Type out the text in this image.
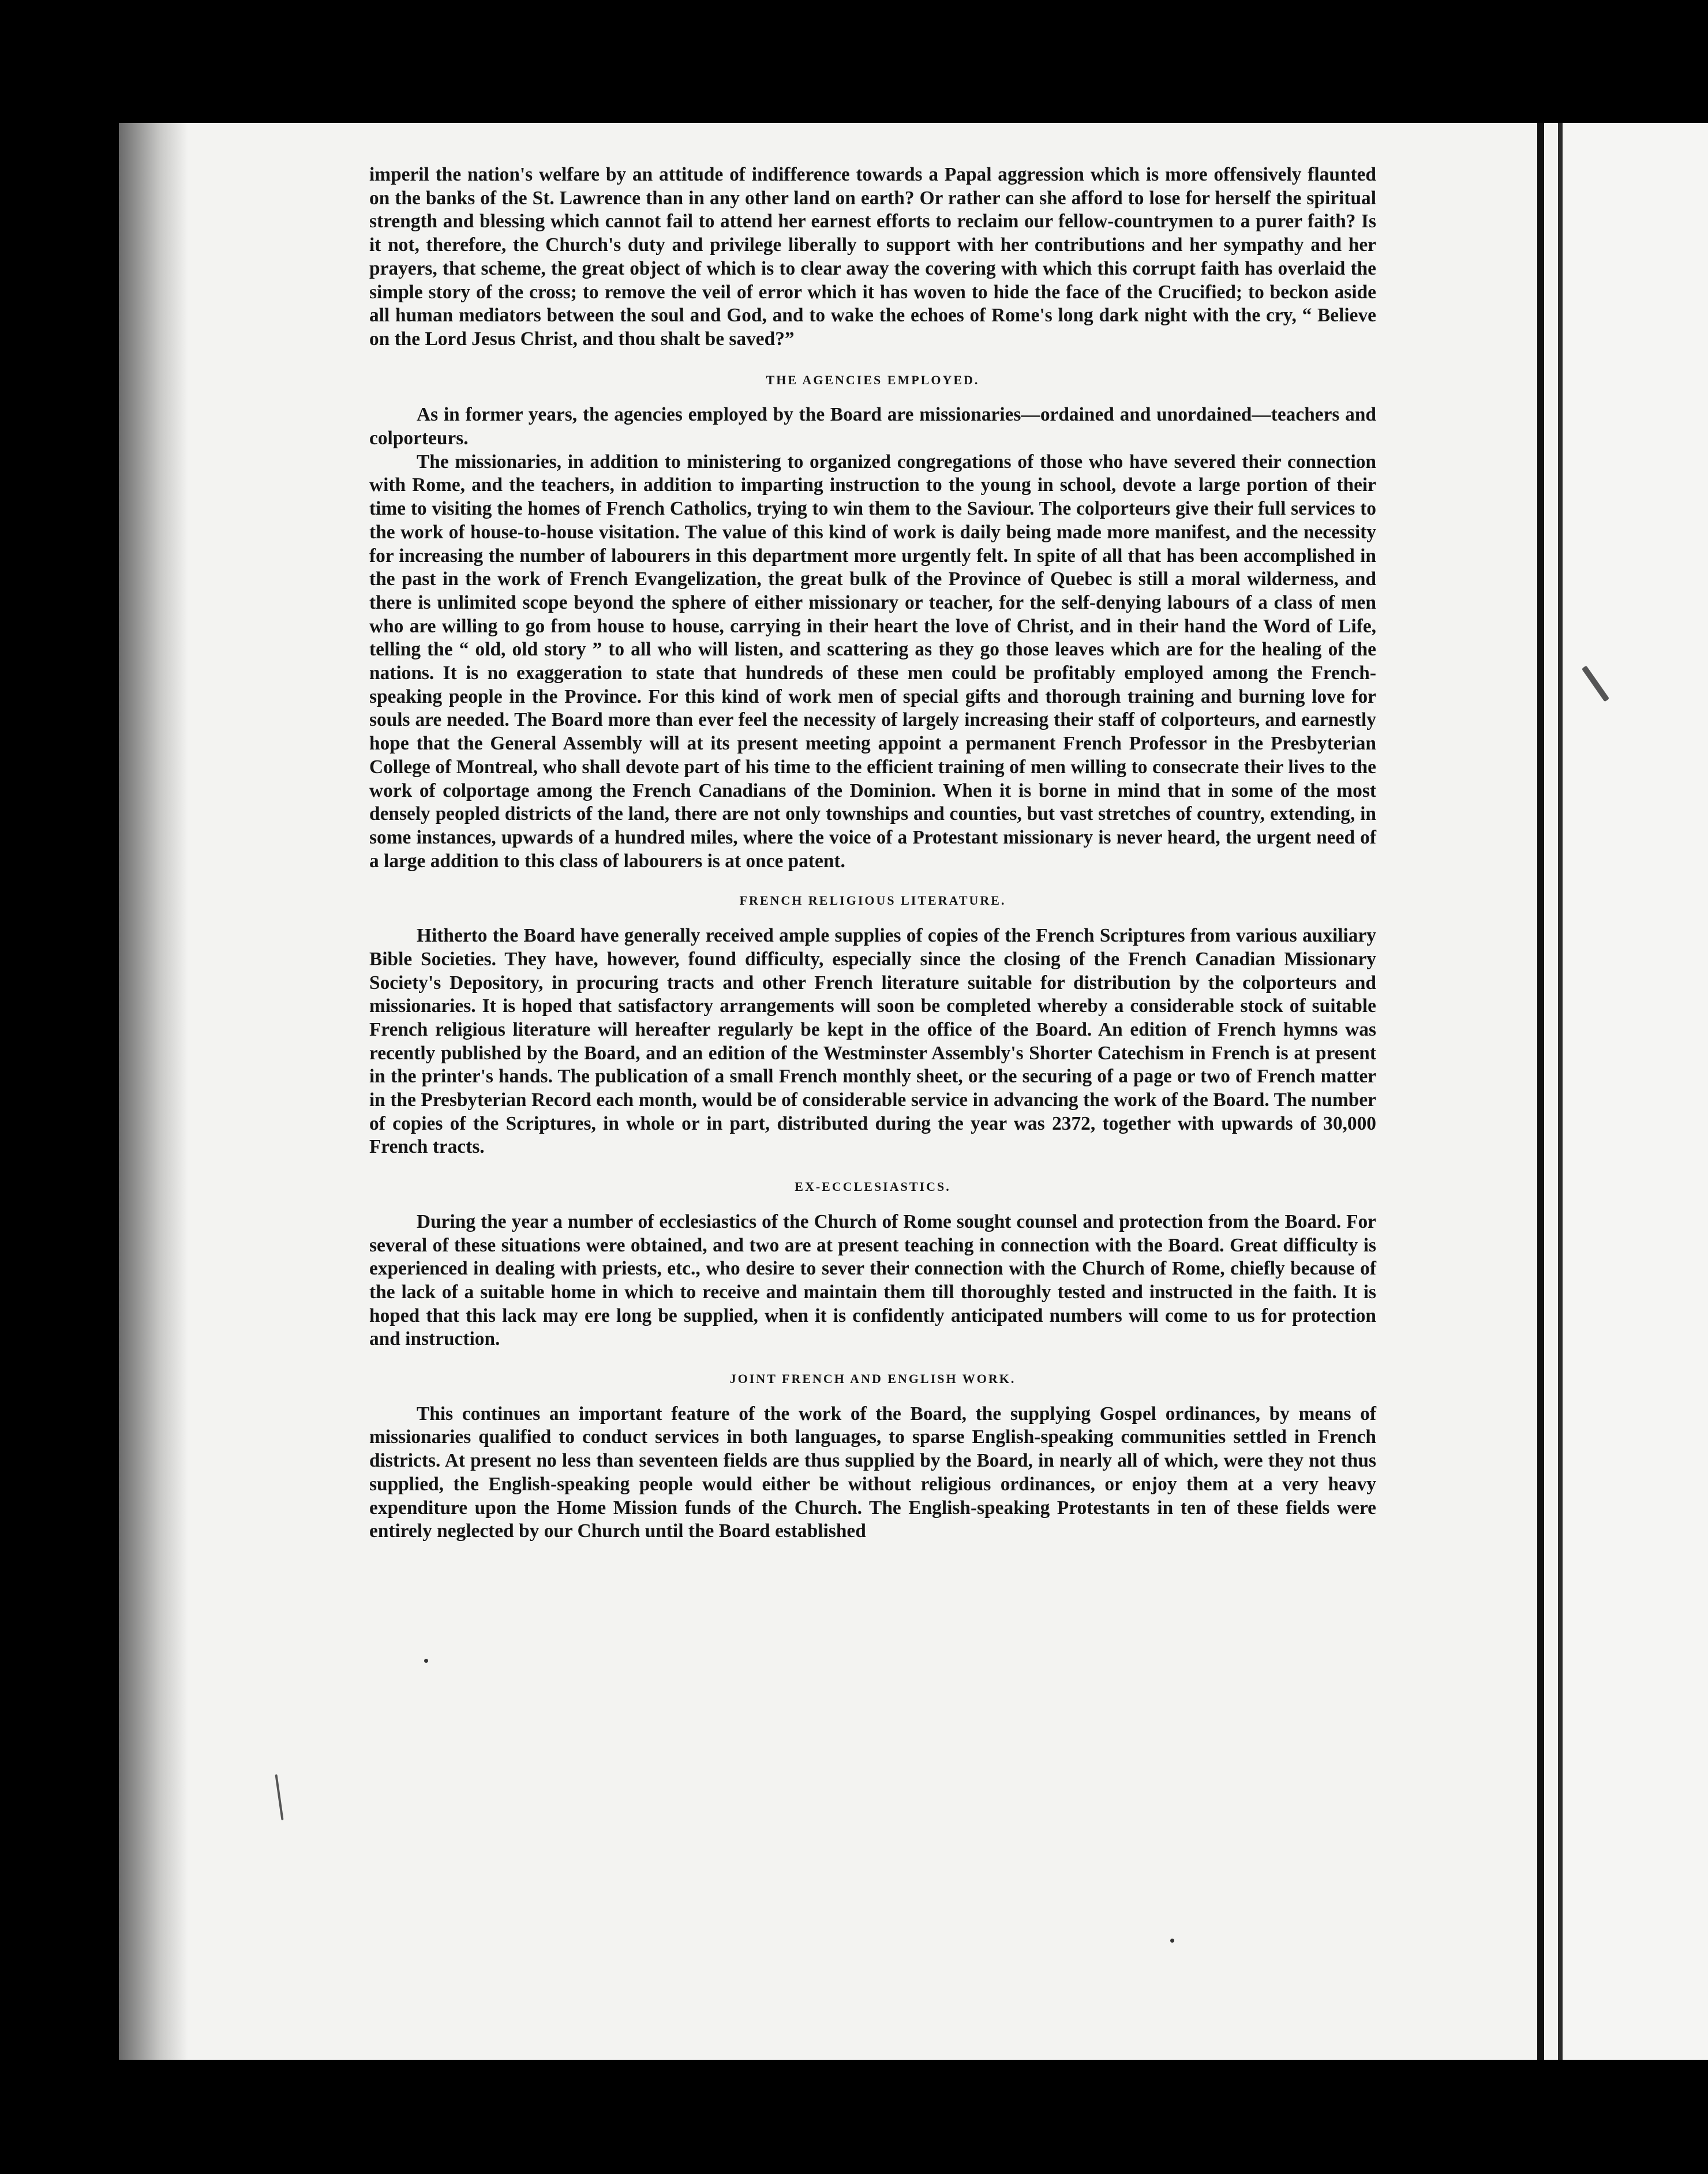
imperil the nation's welfare by an attitude of indifference towards a Papal aggression which is more offensively flaunted on the banks of the St. Lawrence than in any other land on earth? Or rather can she afford to lose for herself the spiritual strength and blessing which cannot fail to attend her earnest efforts to reclaim our fellow-countrymen to a purer faith? Is it not, therefore, the Church's duty and privilege liberally to support with her contributions and her sympathy and her prayers, that scheme, the great object of which is to clear away the covering with which this corrupt faith has overlaid the simple story of the cross; to remove the veil of error which it has woven to hide the face of the Crucified; to beckon aside all human mediators between the soul and God, and to wake the echoes of Rome's long dark night with the cry, “ Believe on the Lord Jesus Christ, and thou shalt be saved?”

THE AGENCIES EMPLOYED.

As in former years, the agencies employed by the Board are missionaries—ordained and unordained—teachers and colporteurs.

The missionaries, in addition to ministering to organized congregations of those who have severed their connection with Rome, and the teachers, in addition to imparting instruction to the young in school, devote a large portion of their time to visiting the homes of French Catholics, trying to win them to the Saviour. The colporteurs give their full services to the work of house-to-house visitation. The value of this kind of work is daily being made more manifest, and the necessity for increasing the number of labourers in this department more urgently felt. In spite of all that has been accomplished in the past in the work of French Evangelization, the great bulk of the Province of Quebec is still a moral wilderness, and there is unlimited scope beyond the sphere of either missionary or teacher, for the self-denying labours of a class of men who are willing to go from house to house, carrying in their heart the love of Christ, and in their hand the Word of Life, telling the “ old, old story ” to all who will listen, and scattering as they go those leaves which are for the healing of the nations. It is no exaggeration to state that hundreds of these men could be profitably employed among the French-speaking people in the Province. For this kind of work men of special gifts and thorough training and burning love for souls are needed. The Board more than ever feel the necessity of largely increasing their staff of colporteurs, and earnestly hope that the General Assembly will at its present meeting appoint a permanent French Professor in the Presbyterian College of Montreal, who shall devote part of his time to the efficient training of men willing to consecrate their lives to the work of colportage among the French Canadians of the Dominion. When it is borne in mind that in some of the most densely peopled districts of the land, there are not only townships and counties, but vast stretches of country, extending, in some instances, upwards of a hundred miles, where the voice of a Protestant missionary is never heard, the urgent need of a large addition to this class of labourers is at once patent.

FRENCH RELIGIOUS LITERATURE.

Hitherto the Board have generally received ample supplies of copies of the French Scriptures from various auxiliary Bible Societies. They have, however, found difficulty, especially since the closing of the French Canadian Missionary Society's Depository, in procuring tracts and other French literature suitable for distribution by the colporteurs and missionaries. It is hoped that satisfactory arrangements will soon be completed whereby a considerable stock of suitable French religious literature will hereafter regularly be kept in the office of the Board. An edition of French hymns was recently published by the Board, and an edition of the Westminster Assembly's Shorter Catechism in French is at present in the printer's hands. The publication of a small French monthly sheet, or the securing of a page or two of French matter in the Presbyterian Record each month, would be of considerable service in advancing the work of the Board. The number of copies of the Scriptures, in whole or in part, distributed during the year was 2372, together with upwards of 30,000 French tracts.

EX-ECCLESIASTICS.

During the year a number of ecclesiastics of the Church of Rome sought counsel and protection from the Board. For several of these situations were obtained, and two are at present teaching in connection with the Board. Great difficulty is experienced in dealing with priests, etc., who desire to sever their connection with the Church of Rome, chiefly because of the lack of a suitable home in which to receive and maintain them till thoroughly tested and instructed in the faith. It is hoped that this lack may ere long be supplied, when it is confidently anticipated numbers will come to us for protection and instruction.

JOINT FRENCH AND ENGLISH WORK.

This continues an important feature of the work of the Board, the supplying Gospel ordinances, by means of missionaries qualified to conduct services in both languages, to sparse English-speaking communities settled in French districts. At present no less than seventeen fields are thus supplied by the Board, in nearly all of which, were they not thus supplied, the English-speaking people would either be without religious ordinances, or enjoy them at a very heavy expenditure upon the Home Mission funds of the Church. The English-speaking Protestants in ten of these fields were entirely neglected by our Church until the Board established
